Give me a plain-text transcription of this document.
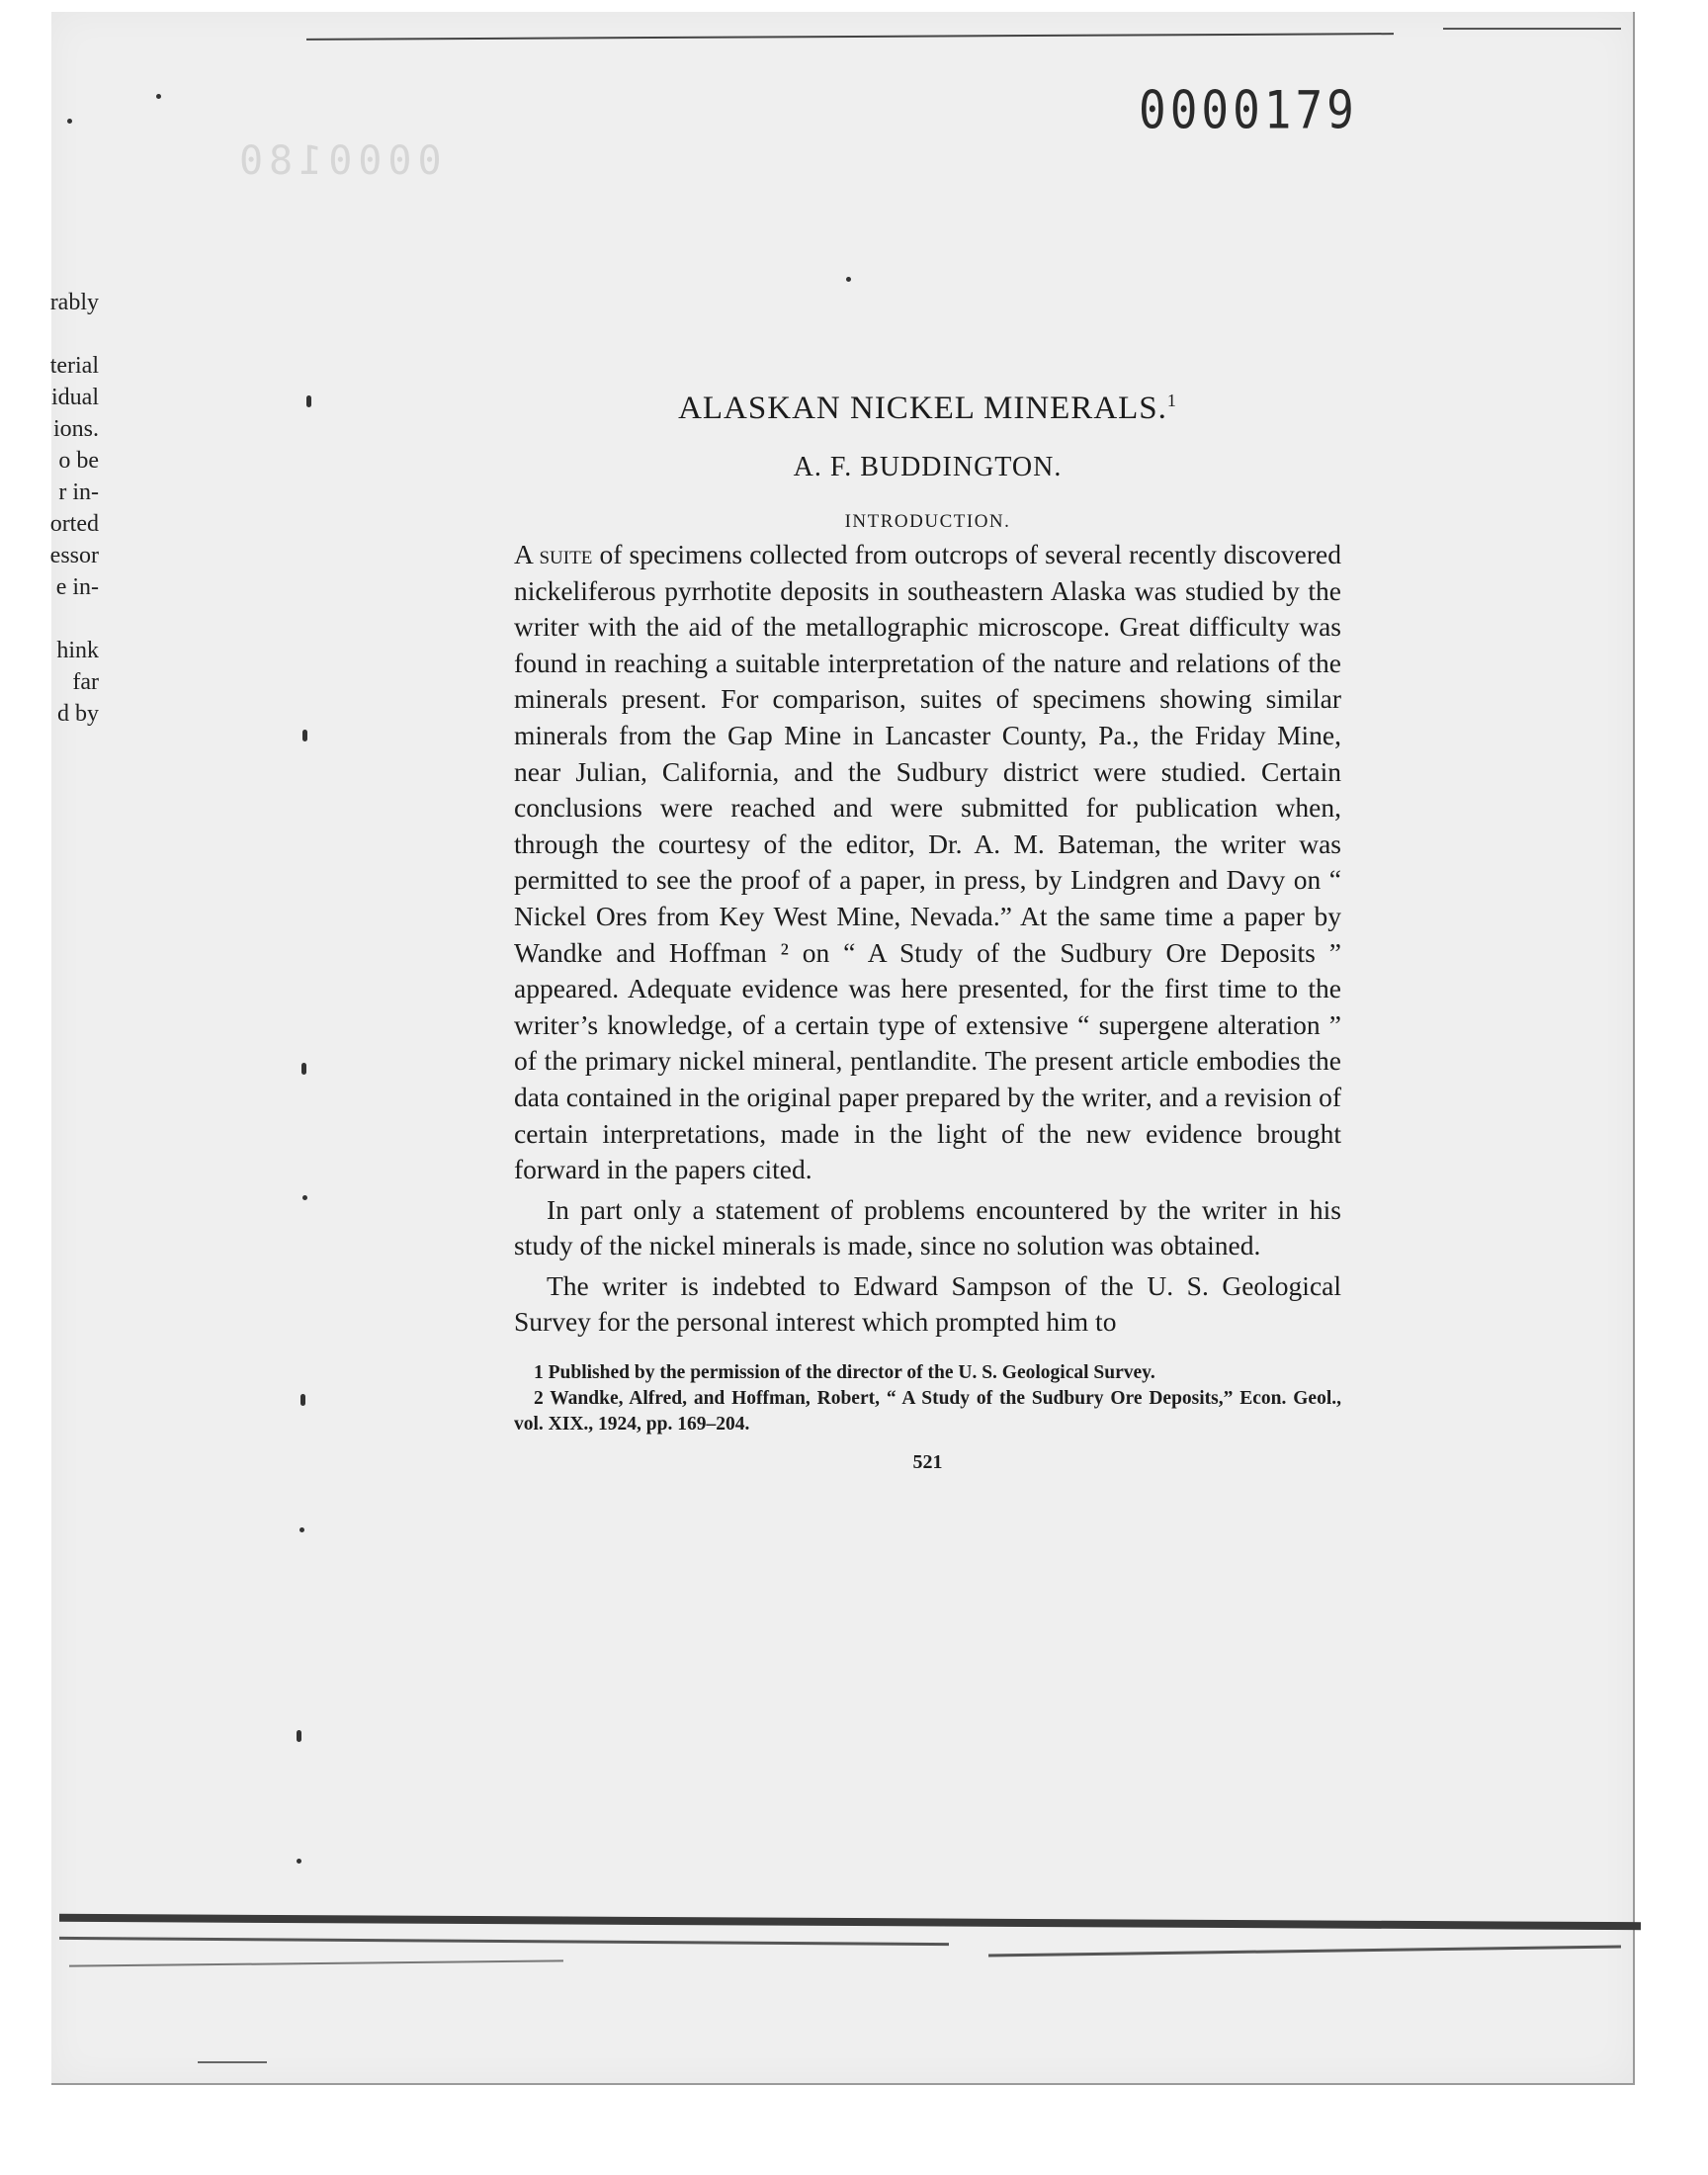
0000179
0000180
rably
terial
idual
ions.
o be
r in-
orted
essor
e in-
hink
far
d by
ALASKAN NICKEL MINERALS.$^1$
A. F. BUDDINGTON.
INTRODUCTION.

A suite of specimens collected from outcrops of several recently discovered nickeliferous pyrrhotite deposits in southeastern Alaska was studied by the writer with the aid of the metallographic microscope. Great difficulty was found in reaching a suitable interpretation of the nature and relations of the minerals present. For comparison, suites of specimens showing similar minerals from the Gap Mine in Lancaster County, Pa., the Friday Mine, near Julian, California, and the Sudbury district were studied. Certain conclusions were reached and were submitted for publication when, through the courtesy of the editor, Dr. A. M. Bateman, the writer was permitted to see the proof of a paper, in press, by Lindgren and Davy on “ Nickel Ores from Key West Mine, Nevada.” At the same time a paper by Wandke and Hoffman ² on “ A Study of the Sudbury Ore Deposits ” appeared. Adequate evidence was here presented, for the first time to the writer’s knowledge, of a certain type of extensive “ supergene alteration ” of the primary nickel mineral, pentlandite. The present article embodies the data contained in the original paper prepared by the writer, and a revision of certain interpretations, made in the light of the new evidence brought forward in the papers cited.

In part only a statement of problems encountered by the writer in his study of the nickel minerals is made, since no solution was obtained.

The writer is indebted to Edward Sampson of the U. S. Geological Survey for the personal interest which prompted him to

1 Published by the permission of the director of the U. S. Geological Survey.
2 Wandke, Alfred, and Hoffman, Robert, “ A Study of the Sudbury Ore Deposits,” Econ. Geol., vol. XIX., 1924, pp. 169–204.
521
